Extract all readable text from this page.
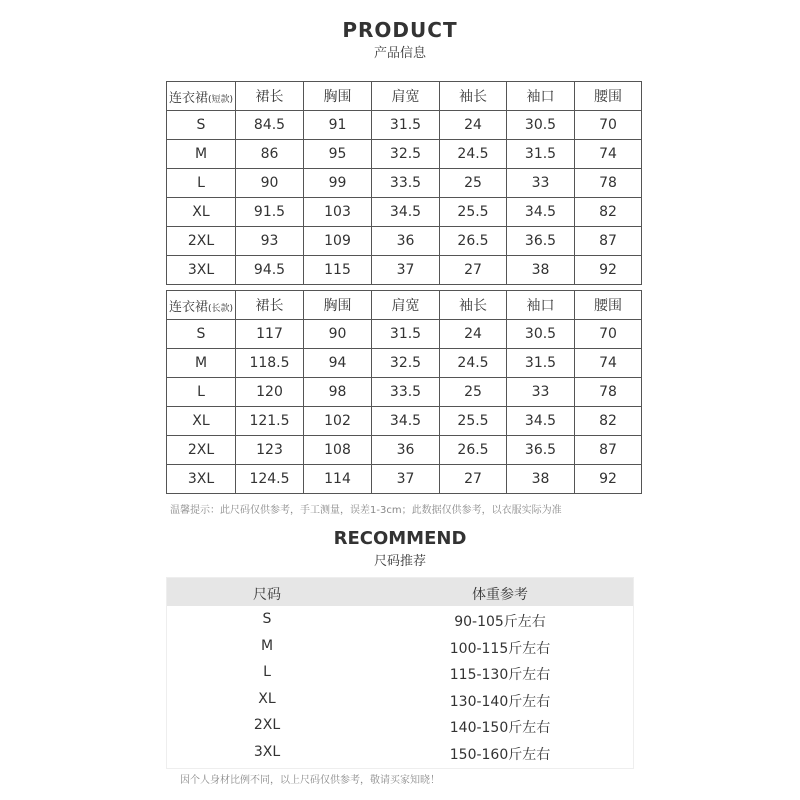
PRODUCT
产品信息
连衣裙(短款)	裙长	胸围	肩宽	袖长	袖口	腰围
S	84.5	91	31.5	24	30.5	70
M	86	95	32.5	24.5	31.5	74
L	90	99	33.5	25	33	78
XL	91.5	103	34.5	25.5	34.5	82
2XL	93	109	36	26.5	36.5	87
3XL	94.5	115	37	27	38	92
连衣裙(长款)	裙长	胸围	肩宽	袖长	袖口	腰围
S	117	90	31.5	24	30.5	70
M	118.5	94	32.5	24.5	31.5	74
L	120	98	33.5	25	33	78
XL	121.5	102	34.5	25.5	34.5	82
2XL	123	108	36	26.5	36.5	87
3XL	124.5	114	37	27	38	92
温馨提示：此尺码仅供参考，手工测量，误差1-3cm；此数据仅供参考，以衣服实际为准
RECOMMEND
尺码推荐
尺码	体重参考
S	90-105斤左右
M	100-115斤左右
L	115-130斤左右
XL	130-140斤左右
2XL	140-150斤左右
3XL	150-160斤左右
因个人身材比例不同，以上尺码仅供参考，敬请买家知晓！
